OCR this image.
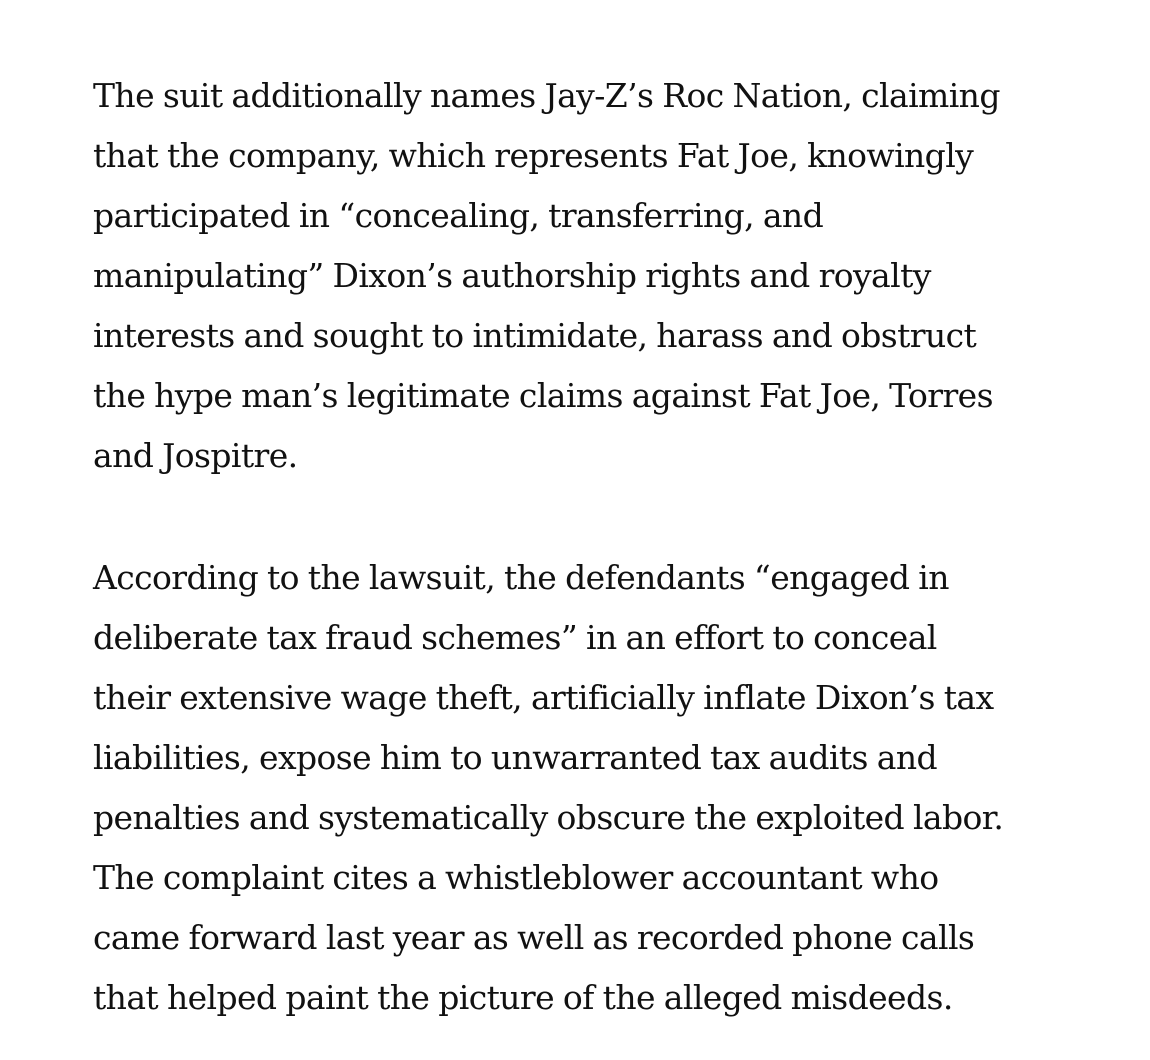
The suit additionally names Jay-Z’s Roc Nation, claiming
that the company, which represents Fat Joe, knowingly
participated in “concealing, transferring, and
manipulating” Dixon’s authorship rights and royalty
interests and sought to intimidate, harass and obstruct
the hype man’s legitimate claims against Fat Joe, Torres
and Jospitre.

According to the lawsuit, the defendants “engaged in
deliberate tax fraud schemes” in an effort to conceal
their extensive wage theft, artificially inflate Dixon’s tax
liabilities, expose him to unwarranted tax audits and
penalties and systematically obscure the exploited labor.
The complaint cites a whistleblower accountant who
came forward last year as well as recorded phone calls
that helped paint the picture of the alleged misdeeds.
